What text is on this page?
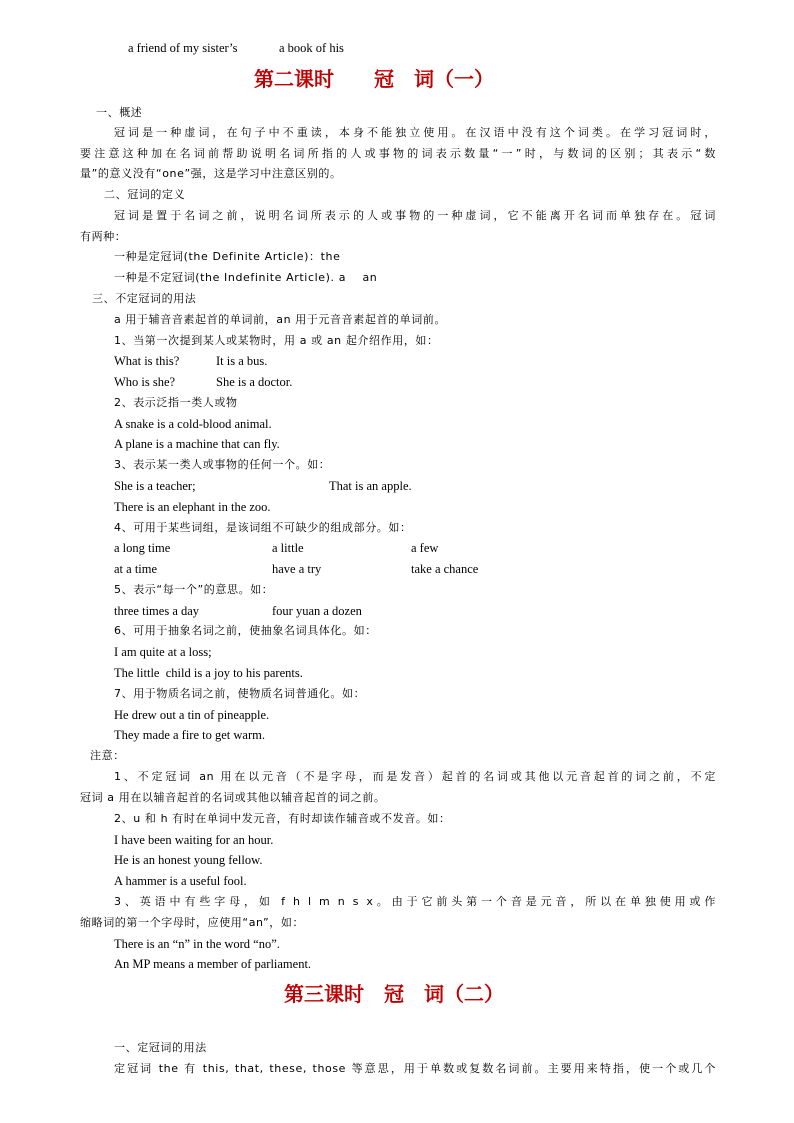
a friend of my sister’s	a book of his
第二课时　　冠　词（一）
一、概述
冠词是一种虚词，在句子中不重读，本身不能独立使用。在汉语中没有这个词类。在学习冠词时，
要注意这种加在名词前帮助说明名词所指的人或事物的词表示数量“一”时，与数词的区别；其表示“数
量”的意义没有“one”强，这是学习中注意区别的。
二、冠词的定义
冠词是置于名词之前，说明名词所表示的人或事物的一种虚词，它不能离开名词而单独存在。冠词
有两种：
一种是定冠词(the Definite Article)：the
一种是不定冠词(the Indefinite Article). a    an
三、不定冠词的用法
a 用于辅音音素起首的单词前，an 用于元音音素起首的单词前。
1、当第一次提到某人或某物时，用 a 或 an 起介绍作用，如：
What is this?	It is a bus.
Who is she?	She is a doctor.
2、表示泛指一类人或物
A snake is a cold-blood animal.
A plane is a machine that can fly.
3、表示某一类人或事物的任何一个。如：
She is a teacher;	That is an apple.
There is an elephant in the zoo.
4、可用于某些词组，是该词组不可缺少的组成部分。如：
a long time	a little	a few
at a time	have a try	take a chance
5、表示“每一个”的意思。如：
three times a day	four yuan a dozen
6、可用于抽象名词之前，使抽象名词具体化。如：
I am quite at a loss;
The little  child is a joy to his parents.
7、用于物质名词之前，使物质名词普通化。如：
He drew out a tin of pineapple.
They made a fire to get warm.
注意：
1、不定冠词 an 用在以元音（不是字母，而是发音）起首的名词或其他以元音起首的词之前，不定
冠词 a 用在以辅音起首的名词或其他以辅音起首的词之前。
2、u 和 h 有时在单词中发元音，有时却读作辅音或不发音。如：
I have been waiting for an hour.
He is an honest young fellow.
A hammer is a useful fool.
3、英语中有些字母，如 f h l m n s x。由于它前头第一个音是元音，所以在单独使用或作
缩略词的第一个字母时，应使用“an”，如：
There is an “n” in the word “no”.
An MP means a member of parliament.
第三课时　冠　词（二）
一、定冠词的用法
定冠词 the 有 this, that, these, those 等意思，用于单数或复数名词前。主要用来特指，使一个或几个
